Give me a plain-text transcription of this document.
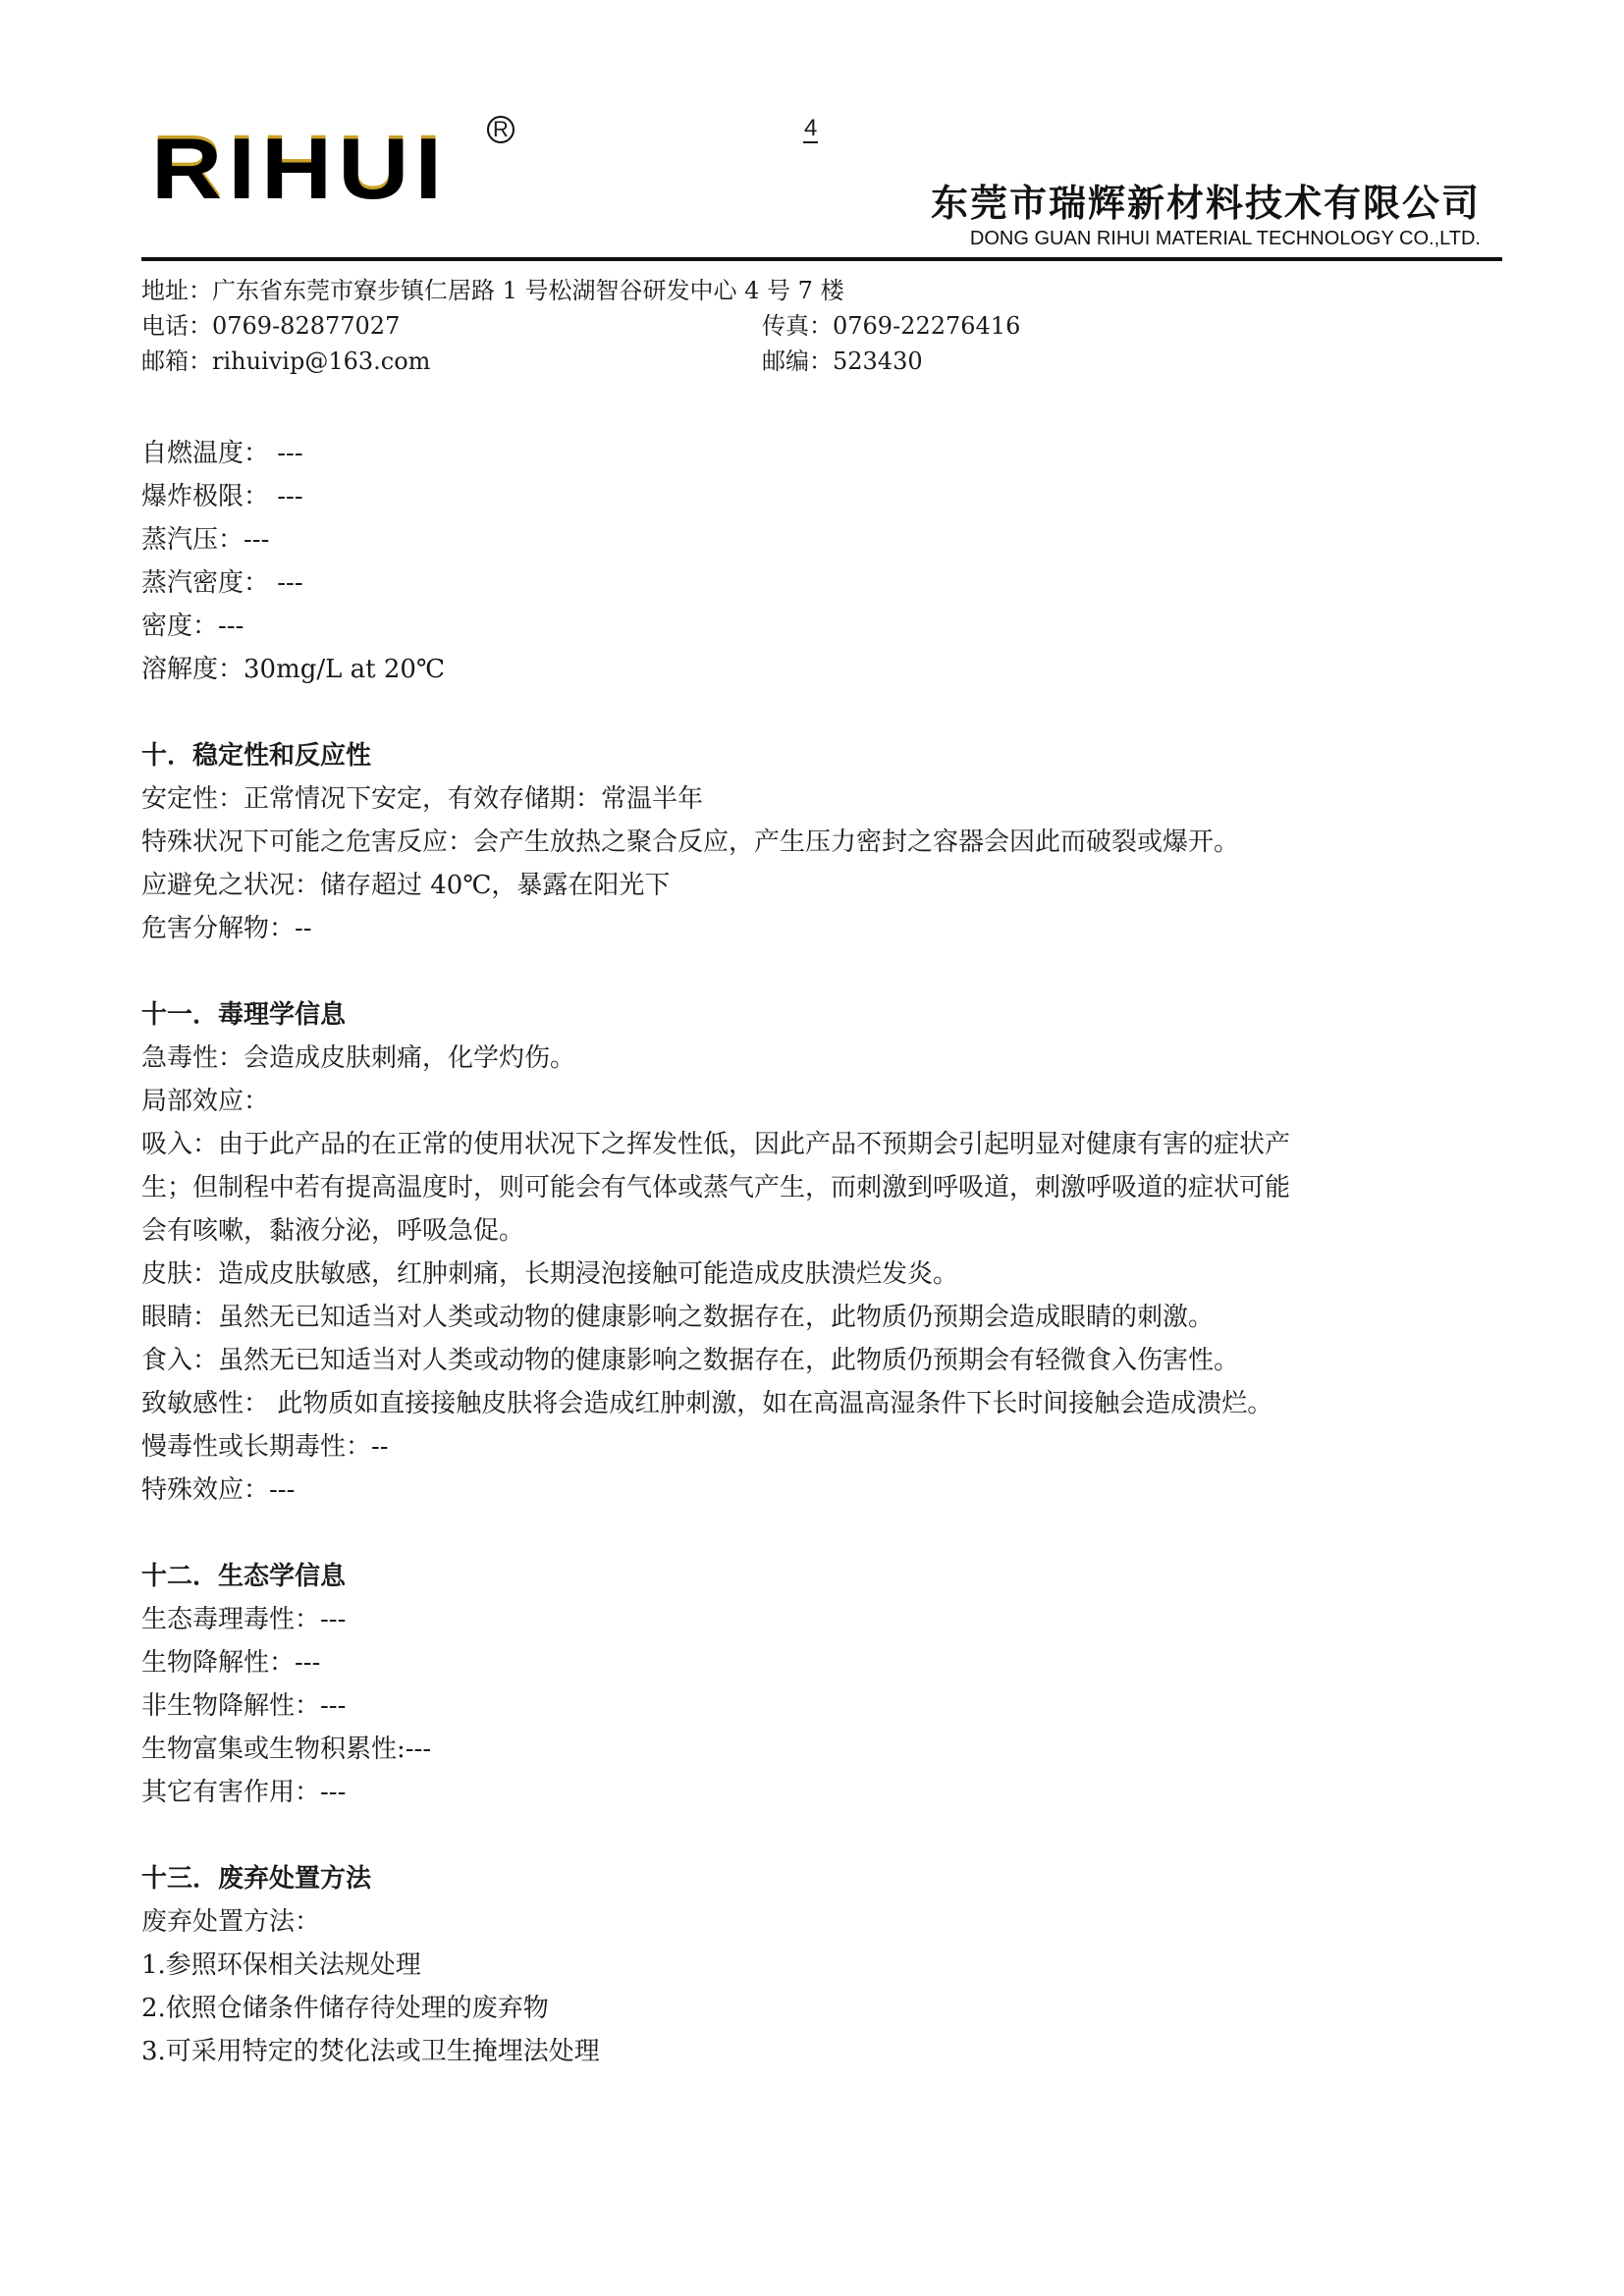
4
RIHUI R
东莞市瑞辉新材料技术有限公司
DONG GUAN RIHUI MATERIAL TECHNOLOGY CO.,LTD.
地址：广东省东莞市寮步镇仁居路 1 号松湖智谷研发中心 4 号 7 楼
电话：0769-82877027	传真：0769-22276416
邮箱：rihuivip@163.com	邮编：523430
自燃温度： ---
爆炸极限： ---
蒸汽压：---
蒸汽密度： ---
密度：---
溶解度：30mg/L at 20℃
十．稳定性和反应性
安定性：正常情况下安定，有效存储期：常温半年
特殊状况下可能之危害反应：会产生放热之聚合反应，产生压力密封之容器会因此而破裂或爆开。
应避免之状况：储存超过 40℃，暴露在阳光下
危害分解物：--
十一．毒理学信息
急毒性：会造成皮肤刺痛，化学灼伤。
局部效应：
吸入：由于此产品的在正常的使用状况下之挥发性低，因此产品不预期会引起明显对健康有害的症状产
生；但制程中若有提高温度时，则可能会有气体或蒸气产生，而刺激到呼吸道，刺激呼吸道的症状可能
会有咳嗽，黏液分泌，呼吸急促。
皮肤：造成皮肤敏感，红肿刺痛，长期浸泡接触可能造成皮肤溃烂发炎。
眼睛：虽然无已知适当对人类或动物的健康影响之数据存在，此物质仍预期会造成眼睛的刺激。
食入：虽然无已知适当对人类或动物的健康影响之数据存在，此物质仍预期会有轻微食入伤害性。
致敏感性： 此物质如直接接触皮肤将会造成红肿刺激，如在高温高湿条件下长时间接触会造成溃烂。
慢毒性或长期毒性：--
特殊效应：---
十二．生态学信息
生态毒理毒性：---
生物降解性：---
非生物降解性：---
生物富集或生物积累性:---
其它有害作用：---
十三．废弃处置方法
废弃处置方法：
1.参照环保相关法规处理
2.依照仓储条件储存待处理的废弃物
3.可采用特定的焚化法或卫生掩埋法处理
